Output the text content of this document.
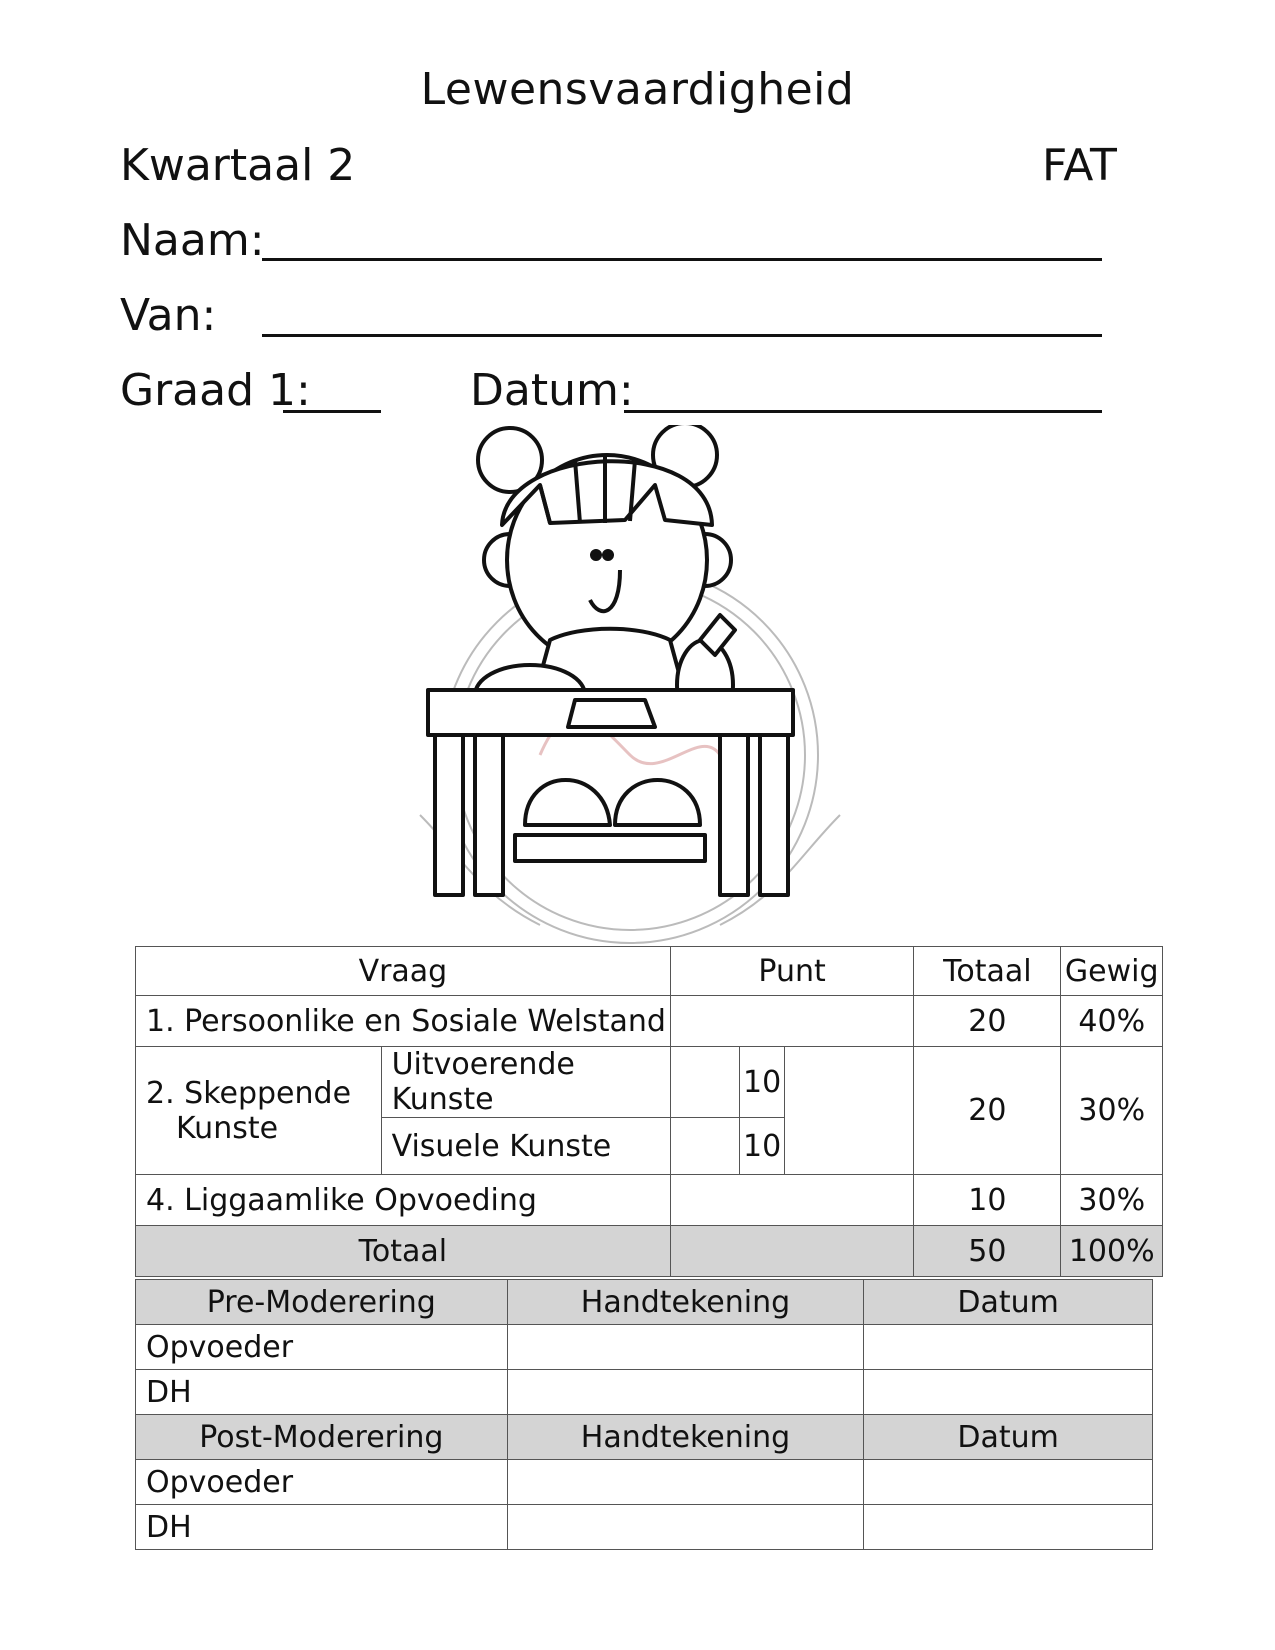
Lewensvaardigheid
Kwartaal 2	FAT
Naam:
Van:
Graad 1:	Datum:
Vraag		Punt			Totaal	Gewig
1. Persoonlike en Sosiale Welstand					20	40%

2. Skeppende
Kunste	Uitvoerende Kunste		10		20	30%
	Visuele Kunste		10			
4. Liggaamlike Opvoeding					10	30%
Totaal					50	100%
Pre-Moderering	Handtekening	Datum
Opvoeder		
DH		
Post-Moderering	Handtekening	Datum
Opvoeder		
DH		
